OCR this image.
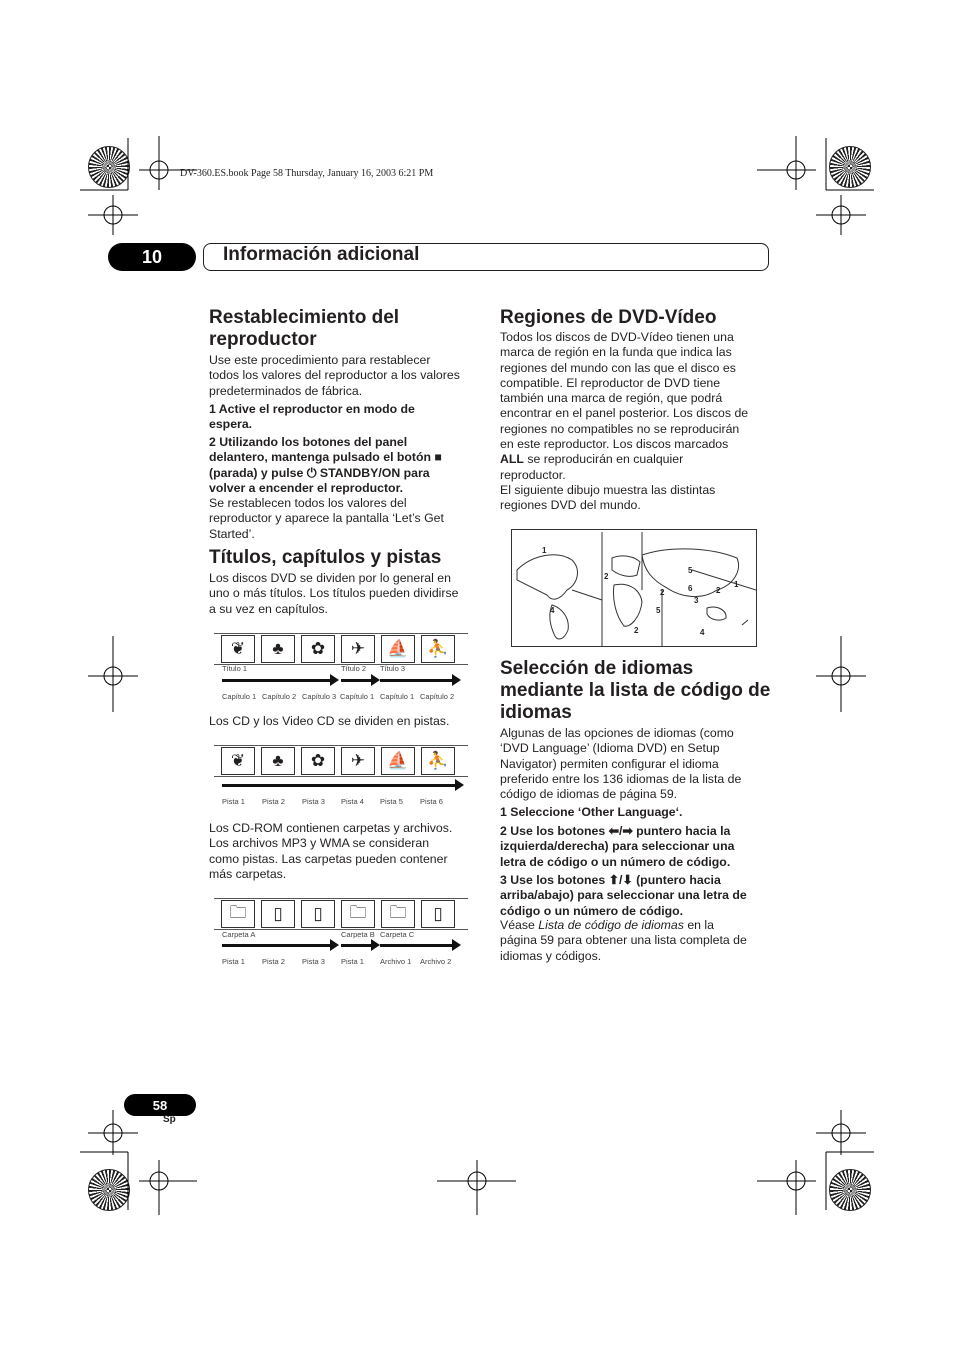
DV-360.ES.book Page 58 Thursday, January 16, 2003 6:21 PM
10	Información adicional
Restablecimiento del
reproductor
Use este procedimiento para restablecer
todos los valores del reproductor a los valores
predeterminados de fábrica.
1 Active el reproductor en modo de
espera.
2 Utilizando los botones del panel
delantero, mantenga pulsado el botón ■
(parada) y pulse ⏻ STANDBY/ON para
volver a encender el reproductor.
Se restablecen todos los valores del
reproductor y aparece la pantalla ‘Let’s Get
Started’.
Títulos, capítulos y pistas
Los discos DVD se dividen por lo general en
uno o más títulos. Los títulos pueden dividirse
a su vez en capítulos.
❦	♣	✿	✈	⛵	⛹
Título 1	Título 2 Título 3
Capítulo 1 Capítulo 2 Capítulo 3 Capítulo 1 Capítulo 1 Capítulo 2
Los CD y los Video CD se dividen en pistas.
❦	♣	✿	✈	⛵	⛹
Pista 1 Pista 2 Pista 3 Pista 4 Pista 5 Pista 6
Los CD-ROM contienen carpetas y archivos.
Los archivos MP3 y WMA se consideran
como pistas. Las carpetas pueden contener
más carpetas.
🗀	▯	▯	🗀	🗀	▯
Carpeta A	Carpeta B Carpeta C
Pista 1 Pista 2 Pista 3 Pista 1 Archivo 1 Archivo 2
Regiones de DVD-Vídeo
Todos los discos de DVD-Vídeo tienen una
marca de región en la funda que indica las
regiones del mundo con las que el disco es
compatible. El reproductor de DVD tiene
también una marca de región, que podrá
encontrar en el panel posterior. Los discos de
regiones no compatibles no se reproducirán
en este reproductor. Los discos marcados
ALL se reproducirán en cualquier
reproductor.
El siguiente dibujo muestra las distintas
regiones DVD del mundo.
1
2
5
1
2
6
2
3
4	5
2	4
Selección de idiomas
mediante la lista de código de
idiomas
Algunas de las opciones de idiomas (como
‘DVD Language’ (Idioma DVD) en Setup
Navigator) permiten configurar el idioma
preferido entre los 136 idiomas de la lista de
código de idiomas de página 59.
1 Seleccione ‘Other Language‘.
2 Use los botones ⬅/➡ puntero hacia la
izquierda/derecha) para seleccionar una
letra de código o un número de código.
3 Use los botones ⬆/⬇ (puntero hacia
arriba/abajo) para seleccionar una letra de
código o un número de código.
Véase Lista de código de idiomas en la
página 59 para obtener una lista completa de
idiomas y códigos.
58
Sp
